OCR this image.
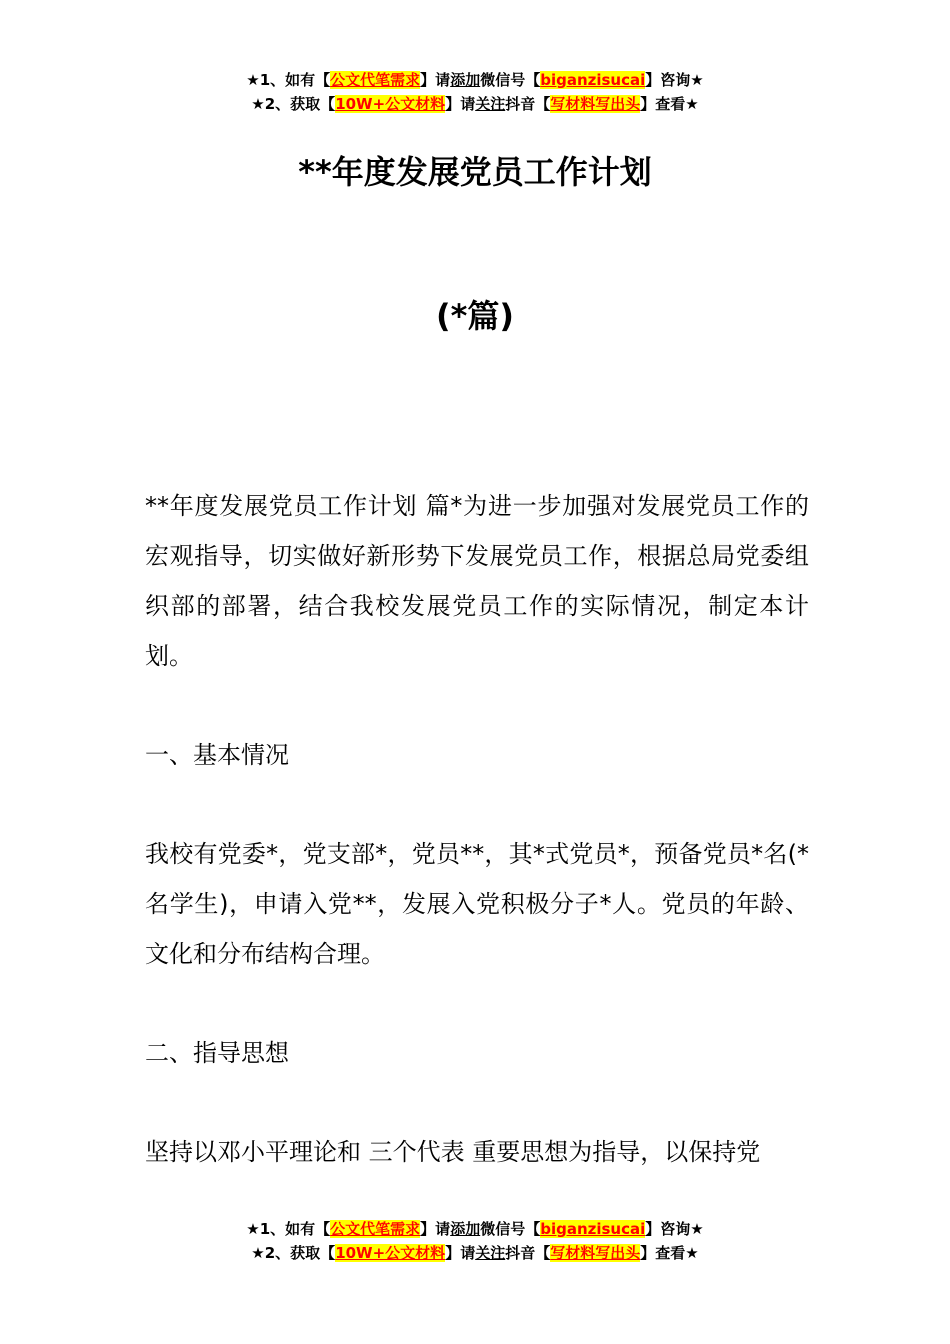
★1、如有【公文代笔需求】请添加微信号【biganzisucai】咨询★
★2、获取【10W+公文材料】请关注抖音【写材料写出头】查看★
**年度发展党员工作计划
(*篇)

**年度发展党员工作计划 篇*为进一步加强对发展党员工作的宏观指导，切实做好新形势下发展党员工作，根据总局党委组织部的部署，结合我校发展党员工作的实际情况，制定本计划。

一、基本情况

我校有党委*，党支部*，党员**，其*式党员*，预备党员*名(*名学生)，申请入党**，发展入党积极分子*人。党员的年龄、文化和分布结构合理。

二、指导思想

坚持以邓小平理论和 三个代表 重要思想为指导，以保持党

★1、如有【公文代笔需求】请添加微信号【biganzisucai】咨询★
★2、获取【10W+公文材料】请关注抖音【写材料写出头】查看★
